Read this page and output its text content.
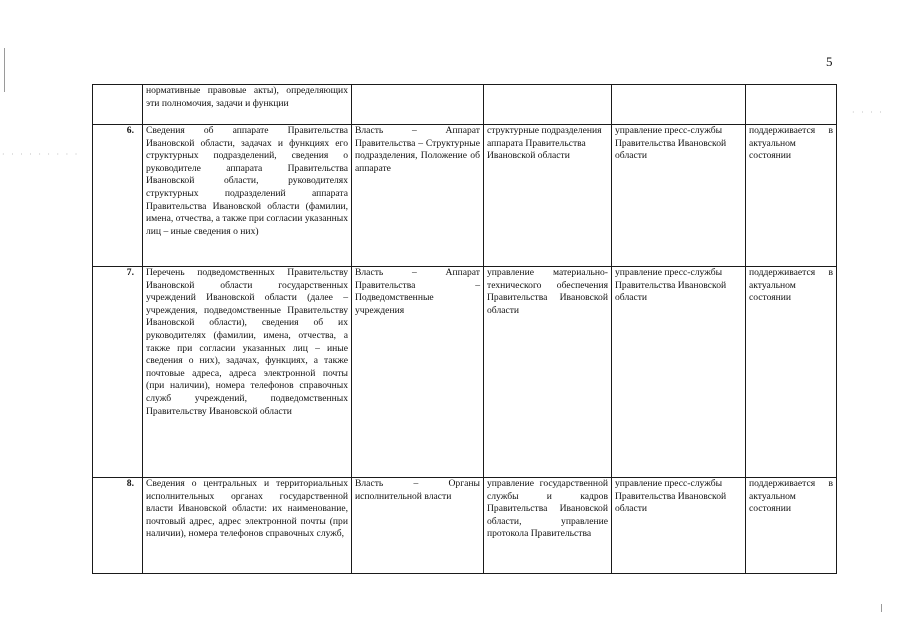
5
· · · · · · · · ·
· · · ·
	нормативные правовые акты), определяющих эти полномочия, задачи и функции				
6.	Сведения об аппарате Правительства Ивановской области, задачах и функциях его структурных подразделений, сведения о руководителе аппарата Правительства Ивановской области, руководителях структурных подразделений аппарата Правительства Ивановской области (фамилии, имена, отчества, а также при согласии указанных лиц – иные сведения о них)	Власть – Аппарат Правительства – Структурные подразделения, Положение об аппарате	структурные подразделения аппарата Правительства Ивановской области	управление пресс-службы Правительства Ивановской области	поддерживается в актуальном состоянии
7.	Перечень подведомственных Правительству Ивановской области государственных учреждений Ивановской области (далее – учреждения, подведомственные Правительству Ивановской области), сведения об их руководителях (фамилии, имена, отчества, а также при согласии указанных лиц – иные сведения о них), задачах, функциях, а также почтовые адреса, адреса электронной почты (при наличии), номера телефонов справочных служб учреждений, подведомственных Правительству Ивановской области	Власть – Аппарат Правительства – Подведомственные учреждения	управление материально-технического обеспечения Правительства Ивановской области	управление пресс-службы Правительства Ивановской области	поддерживается в актуальном состоянии
8.	Сведения о центральных и территориальных исполнительных органах государственной власти Ивановской области: их наименование, почтовый адрес, адрес электронной почты (при наличии), номера телефонов справочных служб,	Власть – Органы исполнительной власти	управление государственной службы и кадров Правительства Ивановской области, управление протокола Правительства	управление пресс-службы Правительства Ивановской области	поддерживается в актуальном состоянии
